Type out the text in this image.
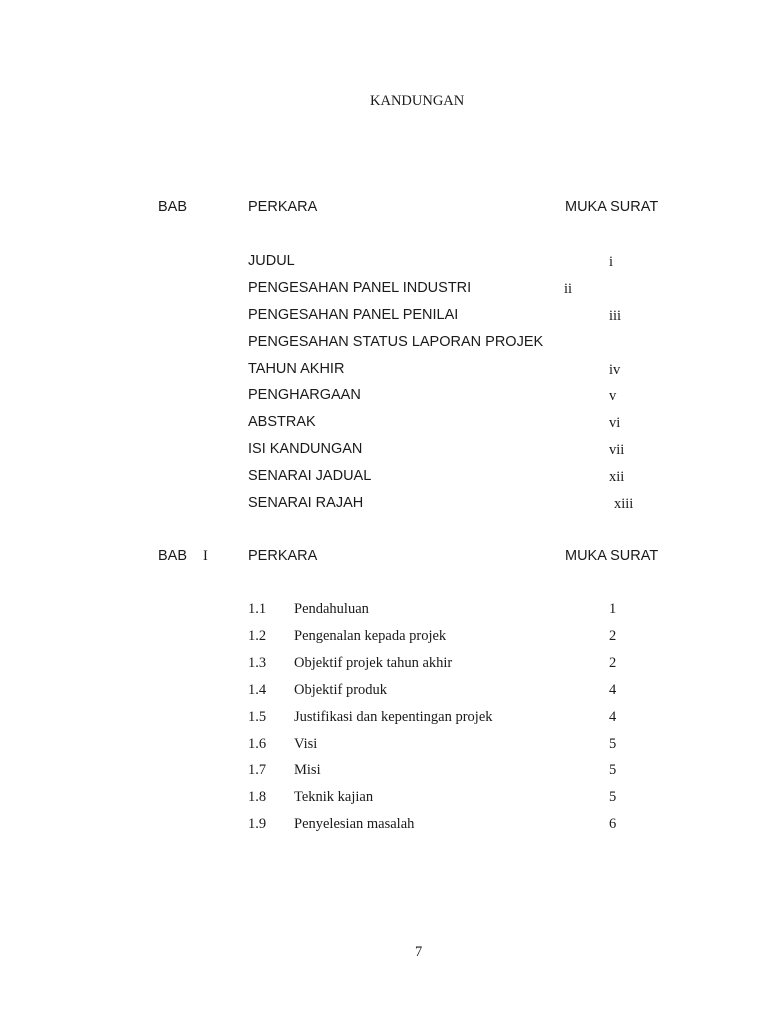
KANDUNGAN
BAB	PERKARA	MUKA SURAT
JUDUL	i
PENGESAHAN PANEL INDUSTRI	ii
PENGESAHAN PANEL PENILAI	iii
PENGESAHAN STATUS LAPORAN PROJEK
TAHUN AKHIR	iv
PENGHARGAAN	v
ABSTRAK	vi
ISI KANDUNGAN	vii
SENARAI JADUAL	xii
SENARAI RAJAH	xiii
BAB I	PERKARA	MUKA SURAT
1.1 Pendahuluan	1
1.2 Pengenalan kepada projek	2
1.3 Objektif projek tahun akhir	2
1.4 Objektif produk	4
1.5 Justifikasi dan kepentingan projek	4
1.6 Visi	5
1.7 Misi	5
1.8 Teknik kajian	5
1.9 Penyelesian masalah	6
7
